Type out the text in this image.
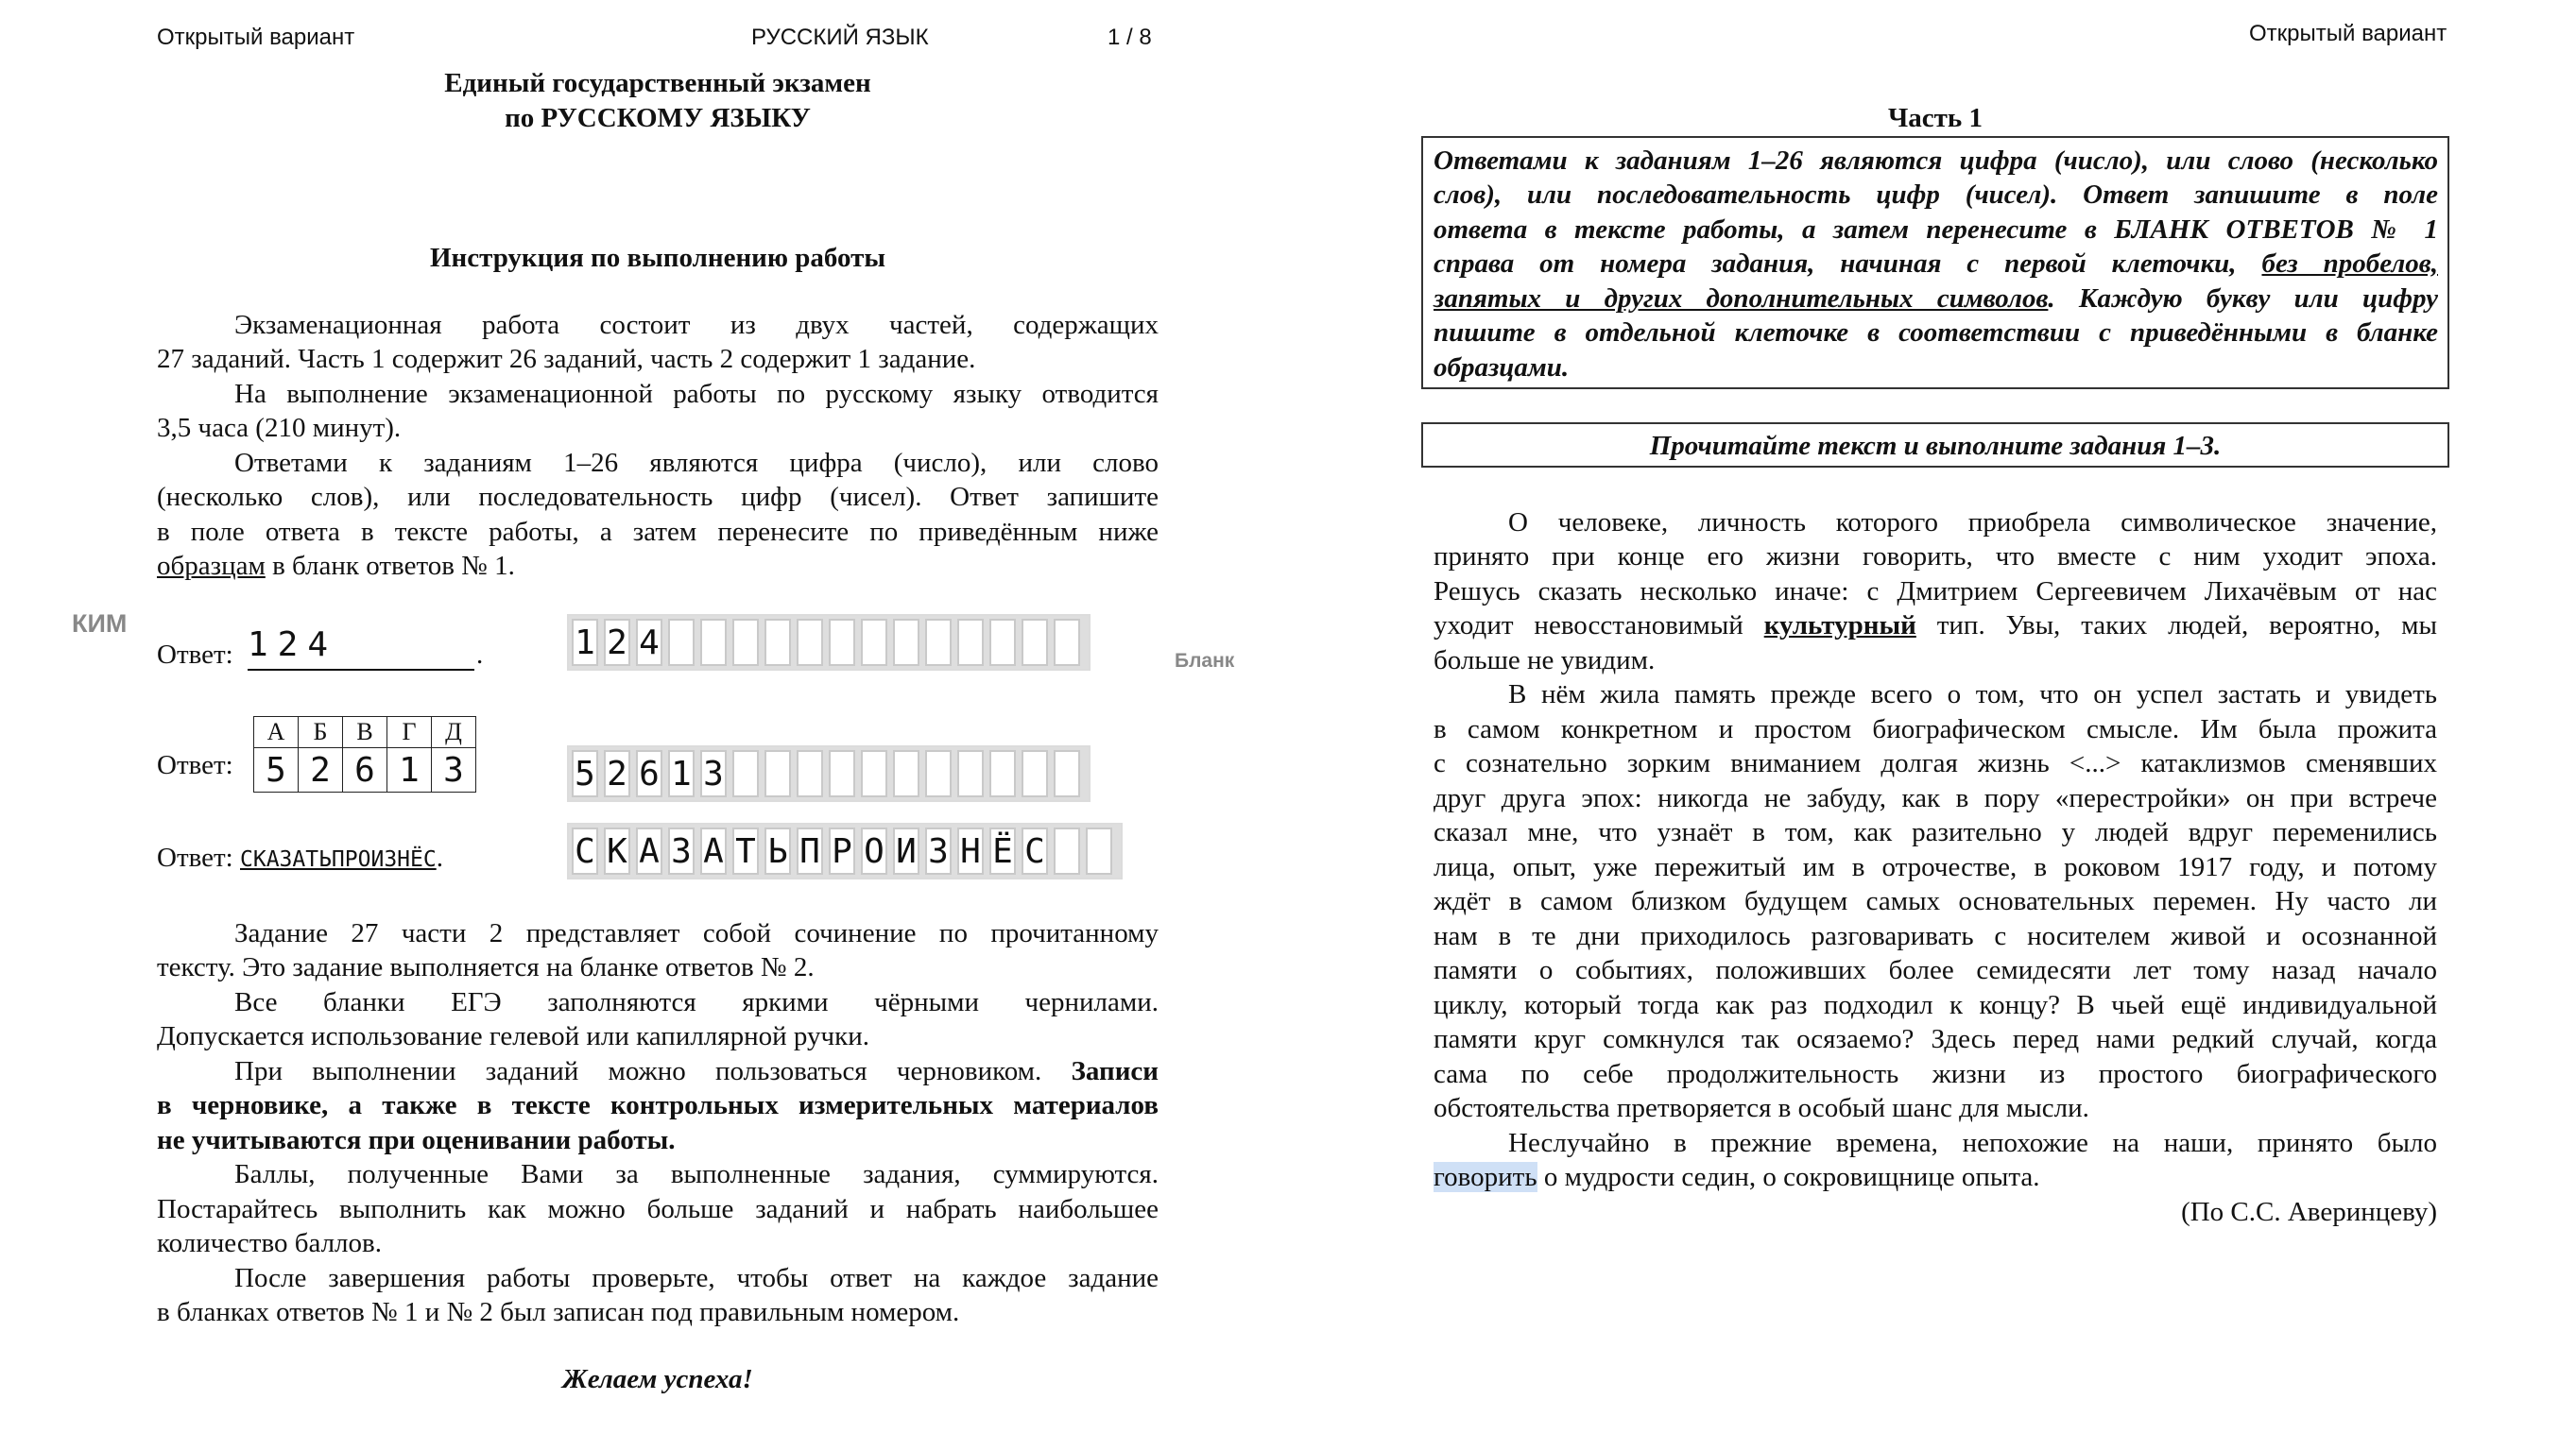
Открытый вариант	РУССКИЙ ЯЗЫК	1 / 8
Единый государственный экзамен
по РУССКОМУ ЯЗЫКУ
Инструкция по выполнению работы
Экзаменационная работа состоит из двух частей, содержащих
27 заданий. Часть 1 содержит 26 заданий, часть 2 содержит 1 задание.
На выполнение экзаменационной работы по русскому языку отводится
3,5 часа (210 минут).
Ответами к заданиям 1–26 являются цифра (число), или слово
(несколько слов), или последовательность цифр (чисел). Ответ запишите
в поле ответа в тексте работы, а затем перенесите по приведённым ниже
образцам в бланк ответов № 1.
КИМ
Бланк
Ответ: 124	.	1 2 4
Ответ:
А	Б	В	Г	Д
5	2	6	1	3	5 2 6 1 3
Ответ: СКАЗАТЬПРОИЗНЁС.	С К А З А Т Ь П Р О И З Н Ё С
Задание 27 части 2 представляет собой сочинение по прочитанному
тексту. Это задание выполняется на бланке ответов № 2.
Все бланки ЕГЭ заполняются яркими чёрными чернилами.
Допускается использование гелевой или капиллярной ручки.
При выполнении заданий можно пользоваться черновиком. Записи
в черновике, а также в тексте контрольных измерительных материалов
не учитываются при оценивании работы.
Баллы, полученные Вами за выполненные задания, суммируются.
Постарайтесь выполнить как можно больше заданий и набрать наибольшее
количество баллов.
После завершения работы проверьте, чтобы ответ на каждое задание
в бланках ответов № 1 и № 2 был записан под правильным номером.
Желаем успеха!
Открытый вариант
Часть 1
Ответами к заданиям 1–26 являются цифра (число), или слово (несколько
слов), или последовательность цифр (чисел). Ответ запишите в поле
ответа в тексте работы, а затем перенесите в БЛАНК ОТВЕТОВ № 1
справа от номера задания, начиная с первой клеточки, без пробелов,
запятых и других дополнительных символов. Каждую букву или цифру
пишите в отдельной клеточке в соответствии с приведёнными в бланке
образцами.
Прочитайте текст и выполните задания 1–3.
О человеке, личность которого приобрела символическое значение,
принято при конце его жизни говорить, что вместе с ним уходит эпоха.
Решусь сказать несколько иначе: с Дмитрием Сергеевичем Лихачёвым от нас
уходит невосстановимый культурный тип. Увы, таких людей, вероятно, мы
больше не увидим.
В нём жила память прежде всего о том, что он успел застать и увидеть
в самом конкретном и простом биографическом смысле. Им была прожита
с сознательно зорким вниманием долгая жизнь <...> катаклизмов сменявших
друг друга эпох: никогда не забуду, как в пору «перестройки» он при встрече
сказал мне, что узнаёт в том, как разительно у людей вдруг переменились
лица, опыт, уже пережитый им в отрочестве, в роковом 1917 году, и потому
ждёт в самом близком будущем самых основательных перемен. Ну часто ли
нам в те дни приходилось разговаривать с носителем живой и осознанной
памяти о событиях, положивших более семидесяти лет тому назад начало
циклу, который тогда как раз подходил к концу? В чьей ещё индивидуальной
памяти круг сомкнулся так осязаемо? Здесь перед нами редкий случай, когда
сама по себе продолжительность жизни из простого биографического
обстоятельства претворяется в особый шанс для мысли.
Неслучайно в прежние времена, непохожие на наши, принято было
говорить о мудрости седин, о сокровищнице опыта.
(По С.С. Аверинцеву)
